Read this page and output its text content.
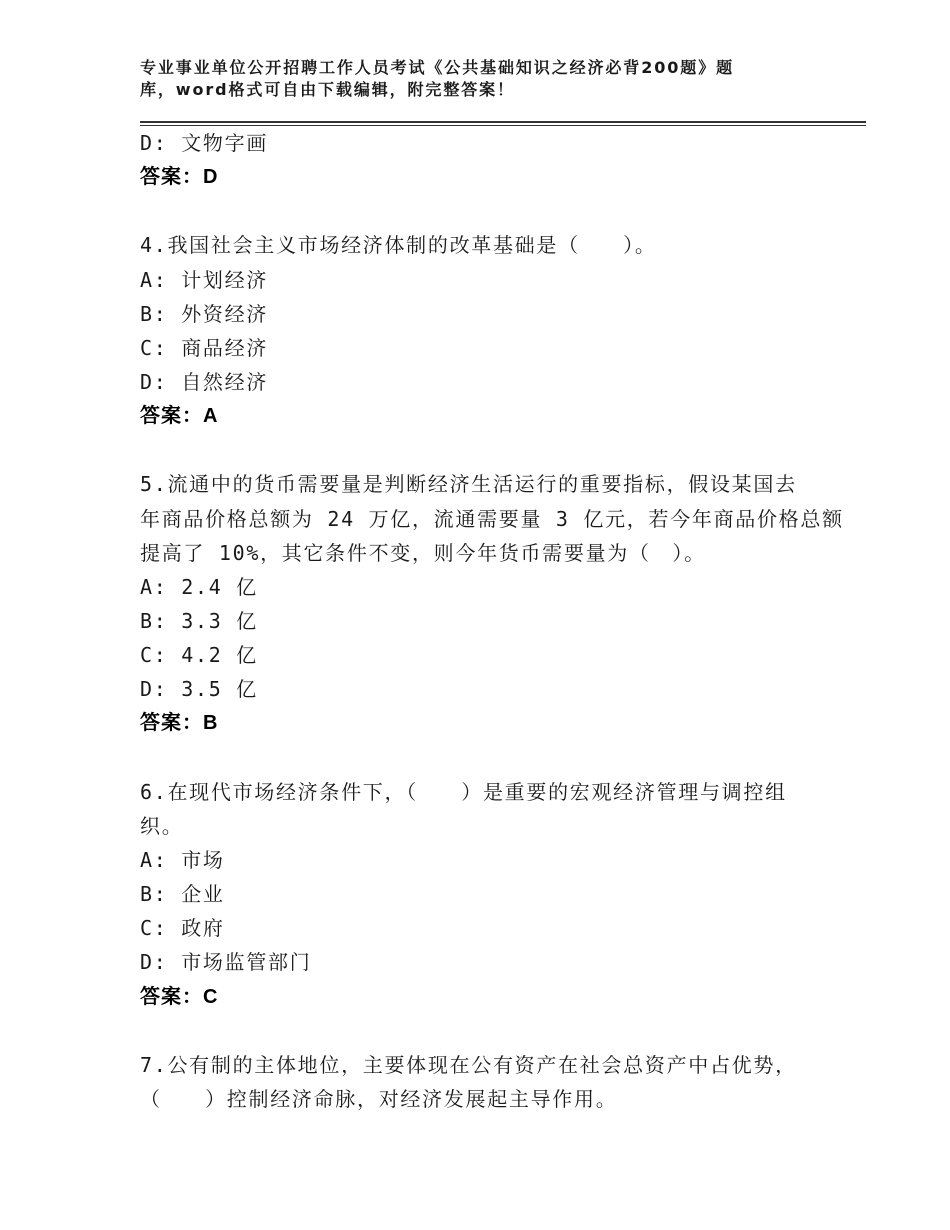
专业事业单位公开招聘工作人员考试《公共基础知识之经济必背200题》题
库，word格式可自由下载编辑，附完整答案！
D: 文物字画
答案：D
4.我国社会主义市场经济体制的改革基础是（　　）。
A: 计划经济
B: 外资经济
C: 商品经济
D: 自然经济
答案：A
5.流通中的货币需要量是判断经济生活运行的重要指标，假设某国去
年商品价格总额为 24 万亿，流通需要量 3 亿元，若今年商品价格总额
提高了 10%，其它条件不变，则今年货币需要量为（　）。
A: 2.4 亿
B: 3.3 亿
C: 4.2 亿
D: 3.5 亿
答案：B
6.在现代市场经济条件下，（　　）是重要的宏观经济管理与调控组
织。
A: 市场
B: 企业
C: 政府
D: 市场监管部门
答案：C
7.公有制的主体地位，主要体现在公有资产在社会总资产中占优势，
（　　）控制经济命脉，对经济发展起主导作用。
